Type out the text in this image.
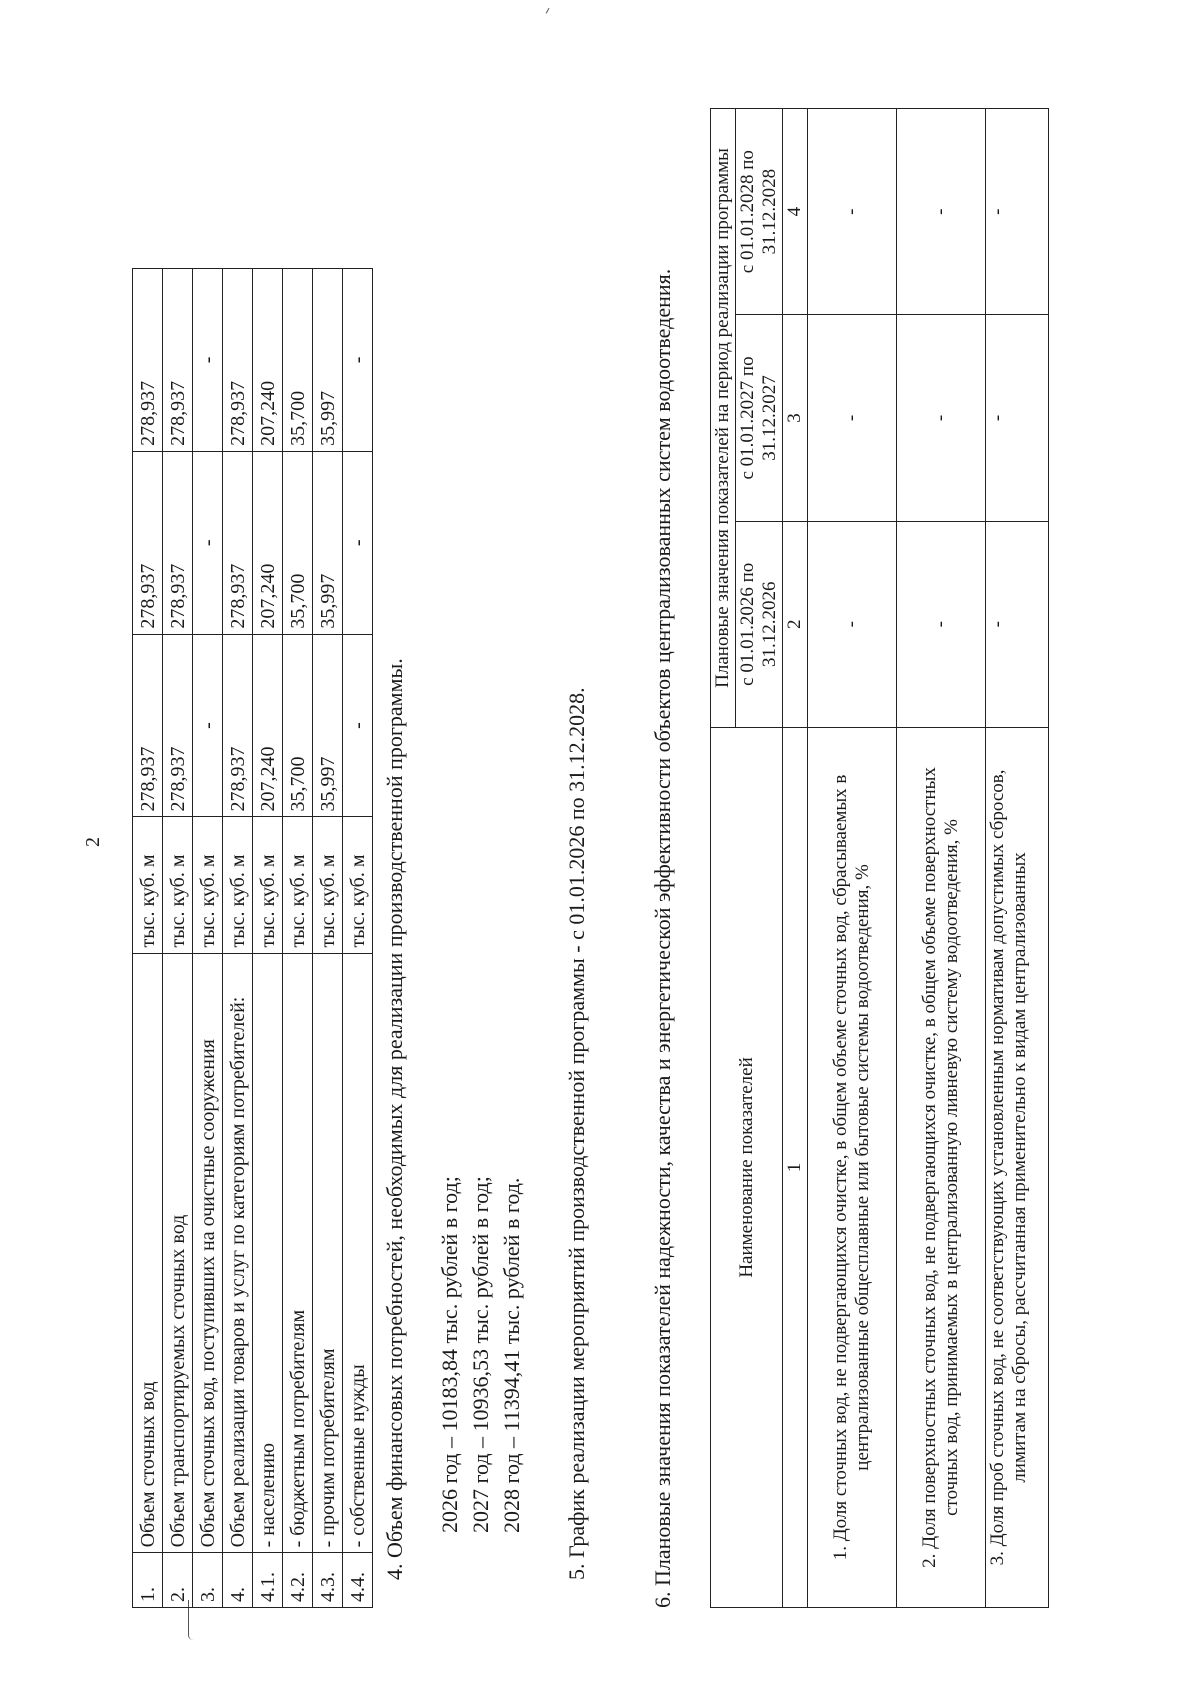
2
1.	Объем сточных вод	тыс. куб. м	278,937	278,937	278,937
2.	Объем транспортируемых сточных вод	тыс. куб. м	278,937	278,937	278,937
3.	Объем сточных вод, поступивших на очистные сооружения	тыс. куб. м	-	-	-
4.	Объем реализации товаров и услуг по категориям потребителей:	тыс. куб. м	278,937	278,937	278,937
4.1.	- населению	тыс. куб. м	207,240	207,240	207,240
4.2.	- бюджетным потребителям	тыс. куб. м	35,700	35,700	35,700
4.3.	- прочим потребителям	тыс. куб. м	35,997	35,997	35,997
4.4.	- собственные нужды	тыс. куб. м	-	-	-
4. Объем финансовых потребностей, необходимых для реализации производственной программы. 2026 год – 10183,84 тыс. рублей в год; 2027 год – 10936,53 тыс. рублей в год; 2028 год – 11394,41 тыс. рублей в год. 5. График реализации мероприятий производственной программы - с 01.01.2026 по 31.12.2028.	6. Плановые значения показателей надежности, качества и энергетической эффективности объектов централизованных систем водоотведения.	Наименование показателей	Плановые значения показателей на период реализации программы		
	с 01.01.2026 по 31.12.2026	с 01.01.2027 по 31.12.2027	с 01.01.2028 по 31.12.2028
1	2	3	4
1. Доля сточных вод, не подвергающихся очистке, в общем объеме сточных вод, сбрасываемых в централизованные общесплавные или бытовые системы водоотведения, %	-	-	-
2. Доля поверхностных сточных вод, не подвергающихся очистке, в общем объеме поверхностных сточных вод, принимаемых в централизованную ливневую систему водоотведения, %	-	-	-
3. Доля проб сточных вод, не соответствующих установленным нормативам допустимых сбросов, лимитам на сбросы, рассчитанная применительно к видам централизованных	-	-	-
